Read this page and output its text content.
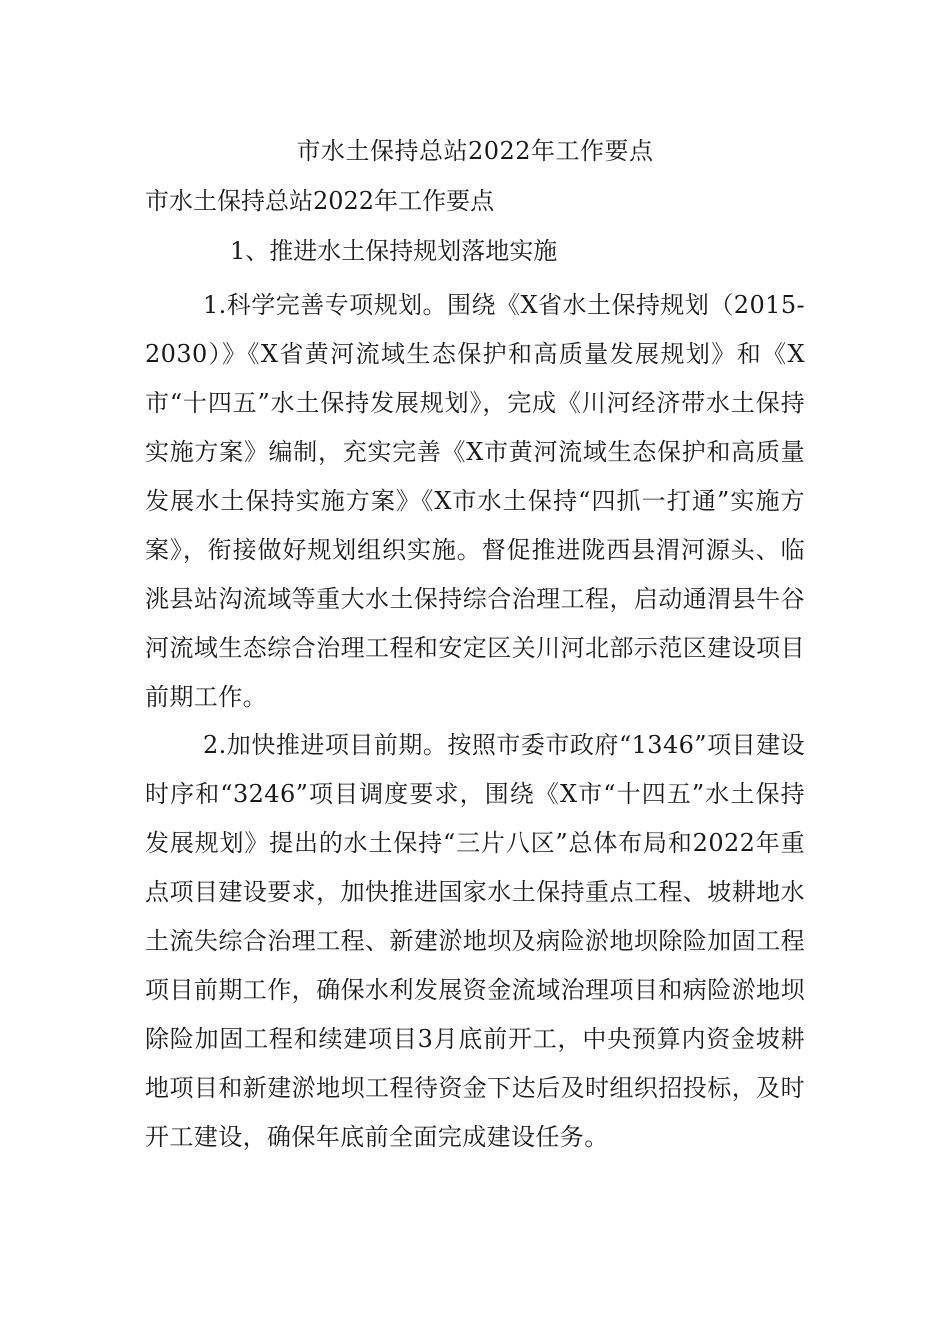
市水土保持总站2022年工作要点

市水土保持总站2022年工作要点

1、推进水土保持规划落地实施

1.科学完善专项规划。围绕《X省水土保持规划（2015-2030）》《X省黄河流域生态保护和高质量发展规划》和《X市“十四五”水土保持发展规划》，完成《川河经济带水土保持实施方案》编制，充实完善《X市黄河流域生态保护和高质量发展水土保持实施方案》《X市水土保持“四抓一打通”实施方案》，衔接做好规划组织实施。督促推进陇西县渭河源头、临洮县站沟流域等重大水土保持综合治理工程，启动通渭县牛谷河流域生态综合治理工程和安定区关川河北部示范区建设项目前期工作。

2.加快推进项目前期。按照市委市政府“1346”项目建设时序和“3246”项目调度要求，围绕《X市“十四五”水土保持发展规划》提出的水土保持“三片八区”总体布局和2022年重点项目建设要求，加快推进国家水土保持重点工程、坡耕地水土流失综合治理工程、新建淤地坝及病险淤地坝除险加固工程项目前期工作，确保水利发展资金流域治理项目和病险淤地坝除险加固工程和续建项目3月底前开工，中央预算内资金坡耕地项目和新建淤地坝工程待资金下达后及时组织招投标，及时开工建设，确保年底前全面完成建设任务。
